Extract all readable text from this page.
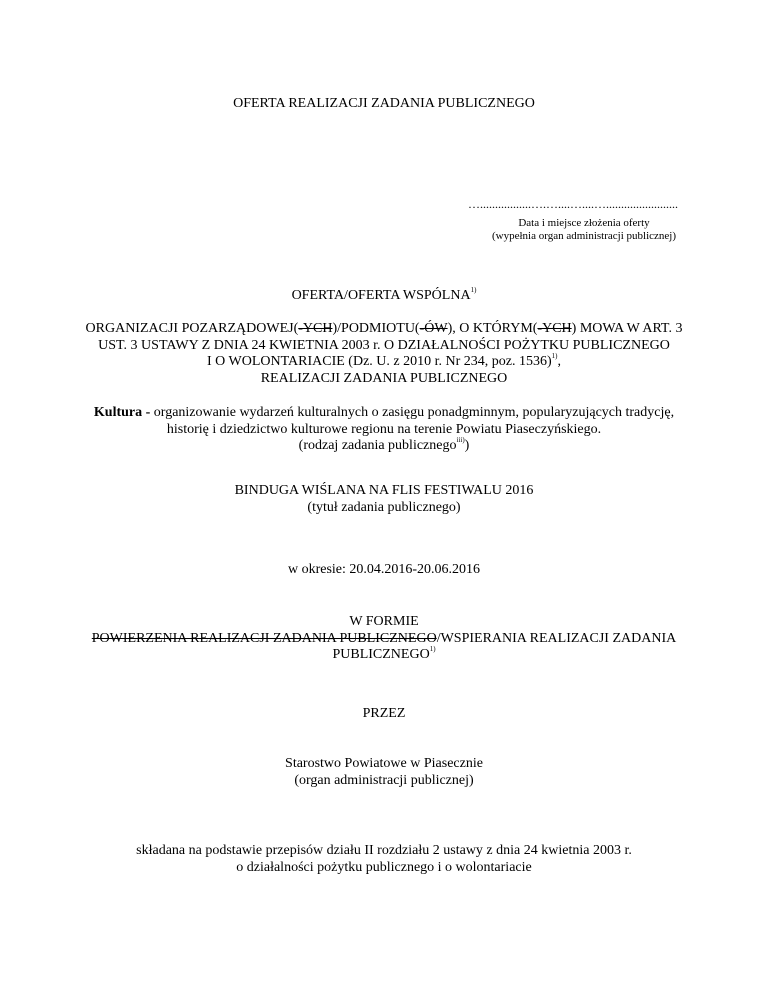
OFERTA REALIZACJI ZADANIA PUBLICZNEGO
….................….…....…....…........................
Data i miejsce złożenia oferty
(wypełnia organ administracji publicznej)
OFERTA/OFERTA WSPÓLNA$^{1)}$
ORGANIZACJI POZARZĄDOWEJ(-YCH)/PODMIOTU(-ÓW), O KTÓRYM(-YCH) MOWA W ART. 3
UST. 3 USTAWY Z DNIA 24 KWIETNIA 2003 r. O DZIAŁALNOŚCI POŻYTKU PUBLICZNEGO
I O WOLONTARIACIE (Dz. U. z 2010 r. Nr 234, poz. 1536)$^{1)}$,
REALIZACJI ZADANIA PUBLICZNEGO
Kultura - organizowanie wydarzeń kulturalnych o zasięgu ponadgminnym, popularyzujących tradycję,
historię i dziedzictwo kulturowe regionu na terenie Powiatu Piaseczyńskiego.
(rodzaj zadania publicznego$^{iii)}$)
BINDUGA WIŚLANA NA FLIS FESTIWALU 2016
(tytuł zadania publicznego)
w okresie: 20.04.2016-20.06.2016
W FORMIE
POWIERZENIA REALIZACJI ZADANIA PUBLICZNEGO/WSPIERANIA REALIZACJI ZADANIA
PUBLICZNEGO$^{1)}$
PRZEZ
Starostwo Powiatowe w Piasecznie
(organ administracji publicznej)
składana na podstawie przepisów działu II rozdziału 2 ustawy z dnia 24 kwietnia 2003 r.
o działalności pożytku publicznego i o wolontariacie
